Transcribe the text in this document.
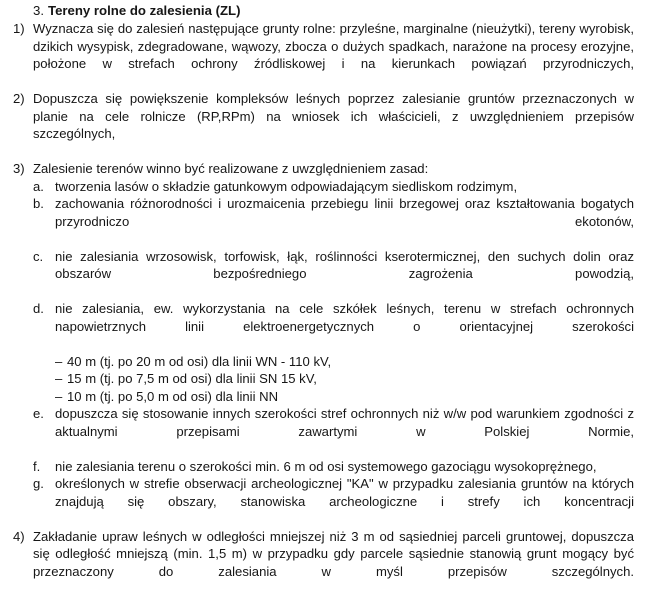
3. Tereny rolne do zalesienia (ZL)
1) Wyznacza się do zalesień następujące grunty rolne: przyleśne, marginalne (nieużytki), tereny wyrobisk, dzikich wysypisk, zdegradowane, wąwozy, zbocza o dużych spadkach, narażone na procesy erozyjne, położone w strefach ochrony źródliskowej i na kierunkach powiązań przyrodniczych,
2) Dopuszcza się powiększenie kompleksów leśnych poprzez zalesianie gruntów przeznaczonych w planie na cele rolnicze (RP,RPm) na wniosek ich właścicieli, z uwzględnieniem przepisów szczególnych,
3) Zalesienie terenów winno być realizowane z uwzględnieniem zasad:
a. tworzenia lasów o składzie gatunkowym odpowiadającym siedliskom rodzimym,
b. zachowania różnorodności i urozmaicenia przebiegu linii brzegowej oraz kształtowania bogatych przyrodniczo ekotonów,
c. nie zalesiania wrzosowisk, torfowisk, łąk, roślinności kserotermicznej, den suchych dolin oraz obszarów bezpośredniego zagrożenia powodzią,
d. nie zalesiania, ew. wykorzystania na cele szkółek leśnych, terenu w strefach ochronnych napowietrznych linii elektroenergetycznych o orientacyjnej szerokości
– 40 m (tj. po 20 m od osi) dla linii WN - 110 kV,
– 15 m (tj. po 7,5 m od osi) dla linii SN 15 kV,
– 10 m (tj. po 5,0 m od osi) dla linii NN
e. dopuszcza się stosowanie innych szerokości stref ochronnych niż w/w pod warunkiem zgodności z aktualnymi przepisami zawartymi w Polskiej Normie,
f.	nie zalesiania terenu o szerokości min. 6 m od osi systemowego gazociągu wysokoprężnego,
g. określonych w strefie obserwacji archeologicznej "KA" w przypadku zalesiania gruntów na których znajdują się obszary, stanowiska archeologiczne i strefy ich koncentracji
4) Zakładanie upraw leśnych w odległości mniejszej niż 3 m od sąsiedniej parceli gruntowej, dopuszcza się odległość mniejszą (min. 1,5 m) w przypadku gdy parcele sąsiednie stanowią grunt mogący być przeznaczony do zalesiania w myśl przepisów szczególnych.
